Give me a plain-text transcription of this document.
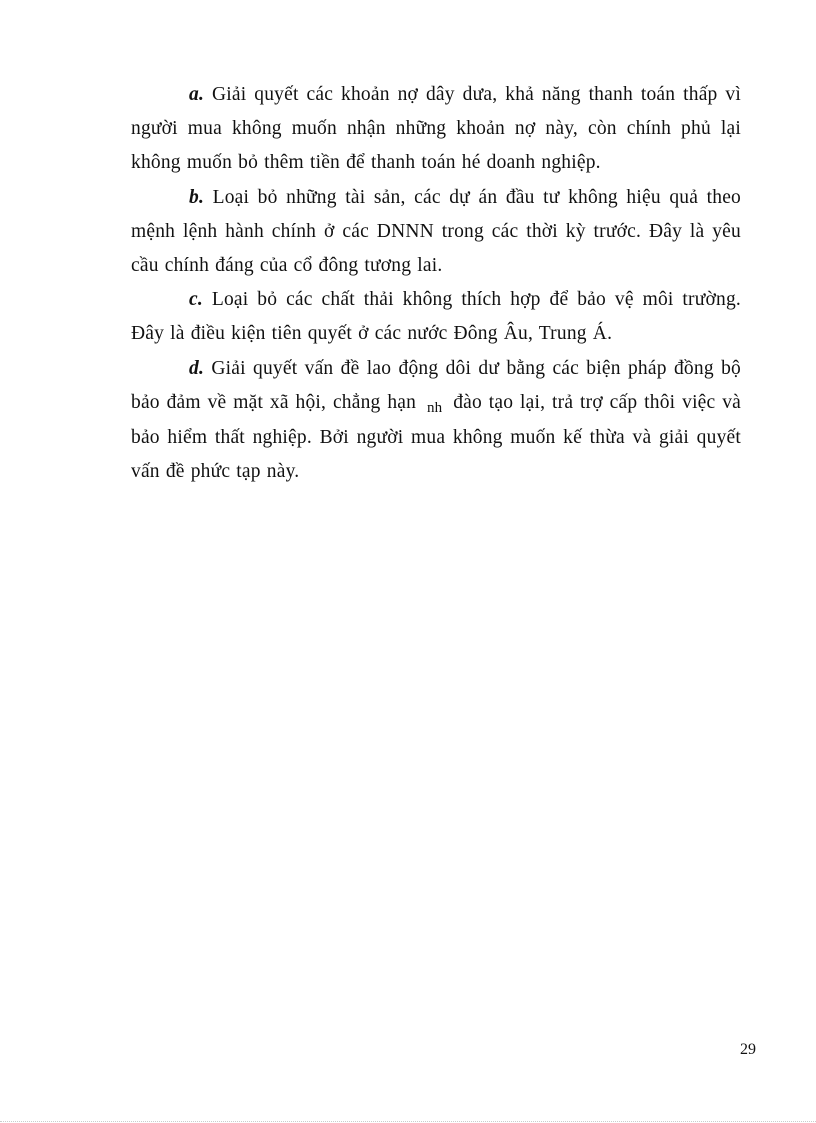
a. Giải quyết các khoản nợ dây dưa, khả năng thanh toán thấp vì người mua không muốn nhận những khoản nợ này, còn chính phủ lại không muốn bỏ thêm tiền để thanh toán hé doanh nghiệp.

b. Loại bỏ những tài sản, các dự án đầu tư không hiệu quả theo mệnh lệnh hành chính ở các DNNN trong các thời kỳ trước. Đây là yêu cầu chính đáng của cổ đông tương lai.

c. Loại bỏ các chất thải không thích hợp để bảo vệ môi trường. Đây là điều kiện tiên quyết ở các nước Đông Âu, Trung Á.

d. Giải quyết vấn đề lao động dôi dư bằng các biện pháp đồng bộ bảo đảm về mặt xã hội, chẳng hạn $_{nh}$ đào tạo lại, trả trợ cấp thôi việc và bảo hiểm thất nghiệp. Bởi người mua không muốn kế thừa và giải quyết vấn đề phức tạp này.

29
